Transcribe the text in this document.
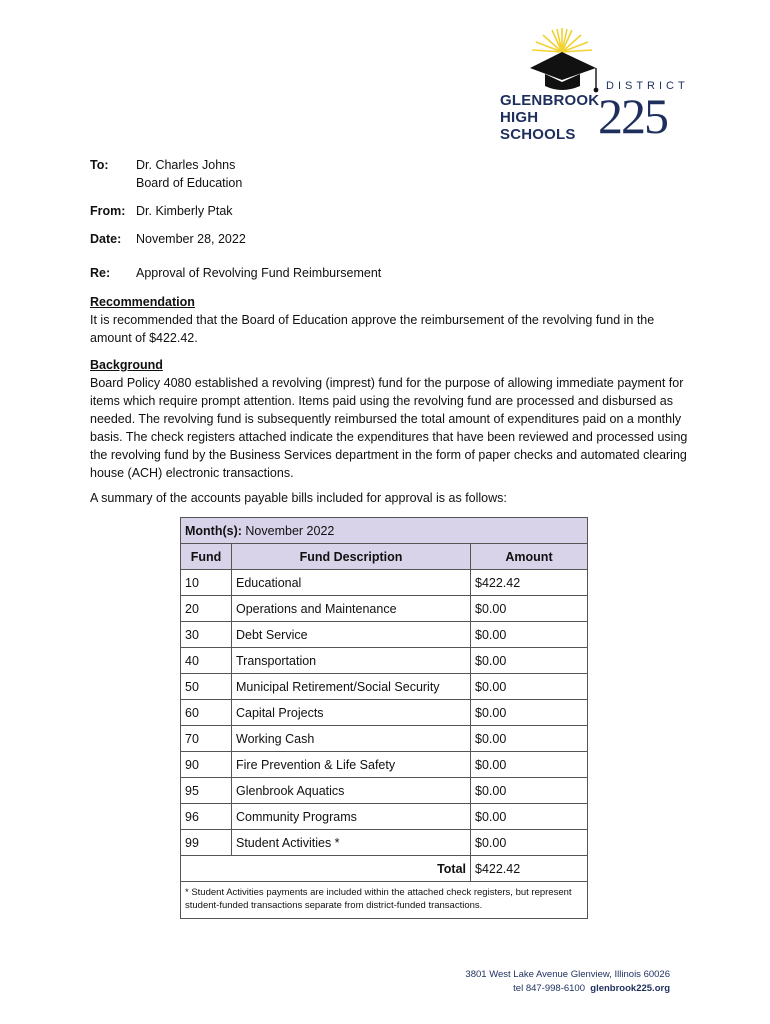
DISTRICT
GLENBROOK
HIGH SCHOOLS 225
To: Dr. Charles Johns
Board of Education
From: Dr. Kimberly Ptak
Date: November 28, 2022
Re: Approval of Revolving Fund Reimbursement
Recommendation
It is recommended that the Board of Education approve the reimbursement of the revolving fund in the amount of $422.42.
Background
Board Policy 4080 established a revolving (imprest) fund for the purpose of allowing immediate payment for items which require prompt attention. Items paid using the revolving fund are processed and disbursed as needed. The revolving fund is subsequently reimbursed the total amount of expenditures paid on a monthly basis. The check registers attached indicate the expenditures that have been reviewed and processed using the revolving fund by the Business Services department in the form of paper checks and automated clearing house (ACH) electronic transactions.
A summary of the accounts payable bills included for approval is as follows:
Month(s): November 2022		
Fund	Fund Description	Amount
10	Educational	$422.42
20	Operations and Maintenance	$0.00
30	Debt Service	$0.00
40	Transportation	$0.00
50	Municipal Retirement/Social Security	$0.00
60	Capital Projects	$0.00
70	Working Cash	$0.00
90	Fire Prevention & Life Safety	$0.00
95	Glenbrook Aquatics	$0.00
96	Community Programs	$0.00
99	Student Activities *	$0.00
Total		$422.42
* Student Activities payments are included within the attached check registers, but represent student-funded transactions separate from district-funded transactions.		
3801 West Lake Avenue Glenview, Illinois 60026
tel 847-998-6100 glenbrook225.org
